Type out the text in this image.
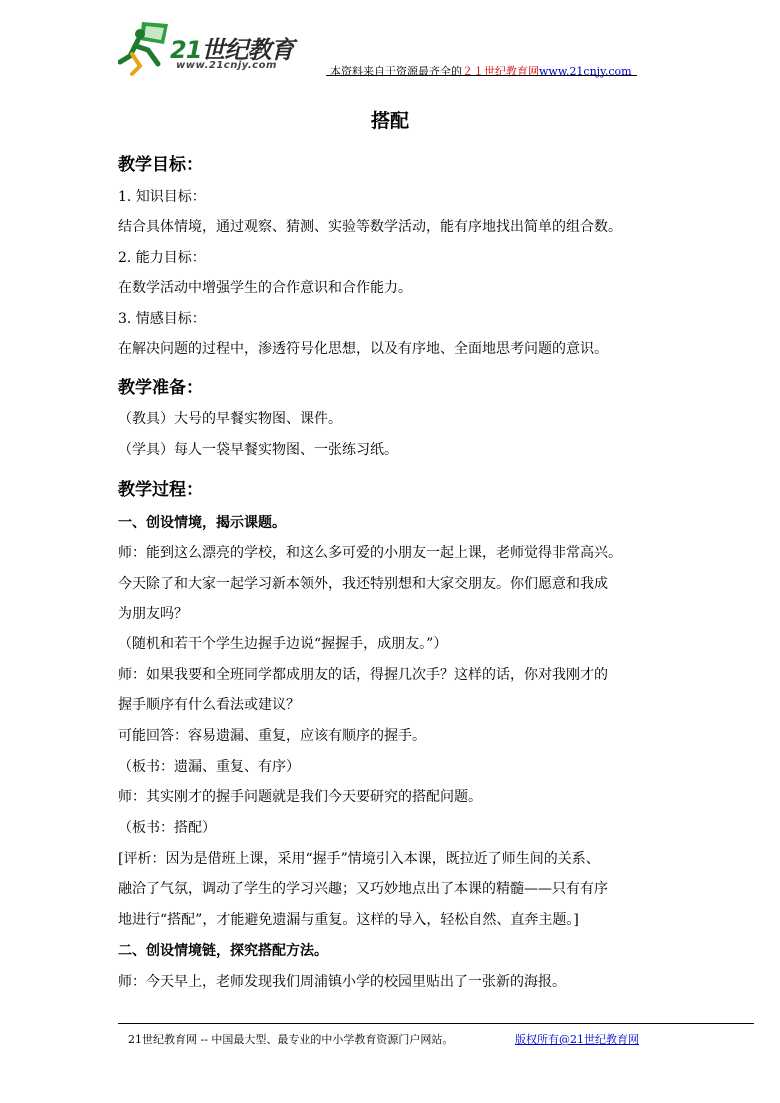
21世纪教育
www.21cnjy.com	本资料来自于资源最齐全的２１世纪教育网www.21cnjy.com
搭配
教学目标：
1. 知识目标：
结合具体情境，通过观察、猜测、实验等数学活动，能有序地找出简单的组合数。
2. 能力目标：
在数学活动中增强学生的合作意识和合作能力。
3. 情感目标：
在解决问题的过程中，渗透符号化思想，以及有序地、全面地思考问题的意识。
教学准备：
（教具）大号的早餐实物图、课件。
（学具）每人一袋早餐实物图、一张练习纸。
教学过程：
一、创设情境，揭示课题。
师：能到这么漂亮的学校，和这么多可爱的小朋友一起上课，老师觉得非常高兴。
今天除了和大家一起学习新本领外，我还特别想和大家交朋友。你们愿意和我成
为朋友吗？
（随机和若干个学生边握手边说“握握手，成朋友。”）
师：如果我要和全班同学都成朋友的话，得握几次手？这样的话，你对我刚才的
握手顺序有什么看法或建议？
可能回答：容易遗漏、重复，应该有顺序的握手。
（板书：遗漏、重复、有序）
师：其实刚才的握手问题就是我们今天要研究的搭配问题。
（板书：搭配）
[评析：因为是借班上课，采用“握手”情境引入本课，既拉近了师生间的关系、
融洽了气氛，调动了学生的学习兴趣；又巧妙地点出了本课的精髓——只有有序
地进行“搭配”，才能避免遗漏与重复。这样的导入，轻松自然、直奔主题。]
二、创设情境链，探究搭配方法。
师：今天早上，老师发现我们周浦镇小学的校园里贴出了一张新的海报。
21世纪教育网 -- 中国最大型、最专业的中小学教育资源门户网站。	版权所有@21世纪教育网
